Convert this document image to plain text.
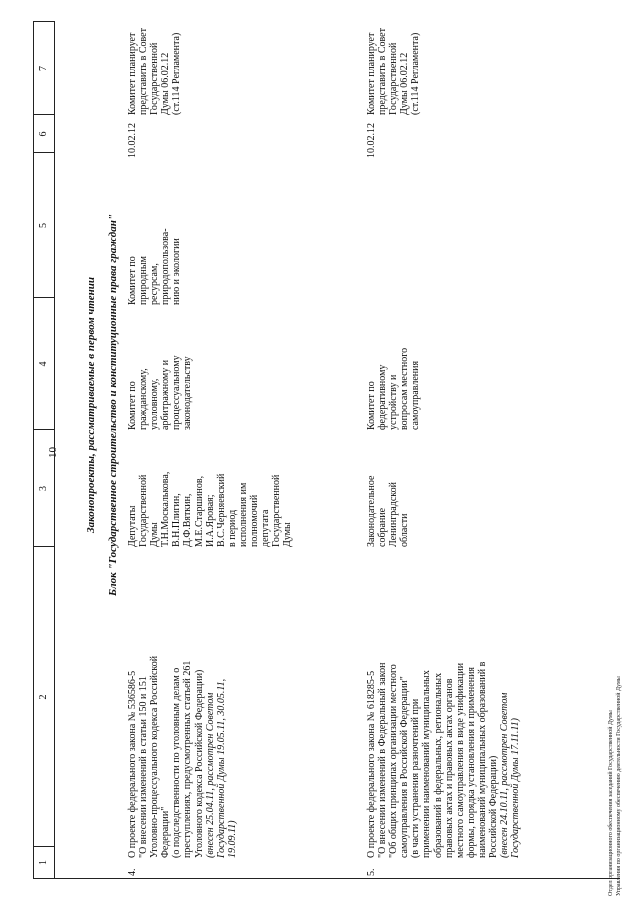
10
1
2
3
4
5
6
7
Законопроекты, рассматриваемые в первом чтении Блок "Государственное строительство и конституционные права граждан"
4.
О проекте федерального закона № 536586-5 "О внесении изменений в статьи 150 и 151 Уголовно-процессуального кодекса Российской Федерации" (о подследственности по уголовным делам о преступлениях, предусмотренных статьей 261 Уголовного кодекса Российской Федерации) (внесен 25.04.11, рассмотрен Советом Государственной Думы 19.05.11, 30.05.11, 19.09.11)
Депутаты Государственной Думы Т.Н.Москалькова, В.Н.Плигин, Д.Ф.Вяткин, М.Е.Старшинов, И.А.Яровая; В.С.Черняевский в период исполнения им полномочий депутата Государственной Думы
Комитет по гражданскому, уголовному, арбитражному и процессуальному законодательству
Комитет по природным ресурсам, природопользова- нию и экологии
10.02.12
Комитет планирует представить в Совет Государственной Думы 06.02.12 (ст.114 Регламента)
5.
О проекте федерального закона № 618285-5 "О внесении изменений в Федеральный закон "Об общих принципах организации местного самоуправления в Российской Федерации" (в части устранения разночтений при применении наименований муниципальных образований в федеральных, региональных правовых актах и правовых актах органов местного самоуправления в виде унификации формы, порядка установления и применения наименований муниципальных образований в Российской Федерации) (внесен 24.10.11, рассмотрен Советом Государственной Думы 17.11.11)
Законодательное собрание Ленинградской области
Комитет по федеративному устройству и вопросам местного самоуправления
10.02.12
Комитет планирует представить в Совет Государственной Думы 06.02.12 (ст.114 Регламента)
Отдел организационного обеспечения заседаний Государственной Думы Управления по организационному обеспечению деятельности Государственной Думы
